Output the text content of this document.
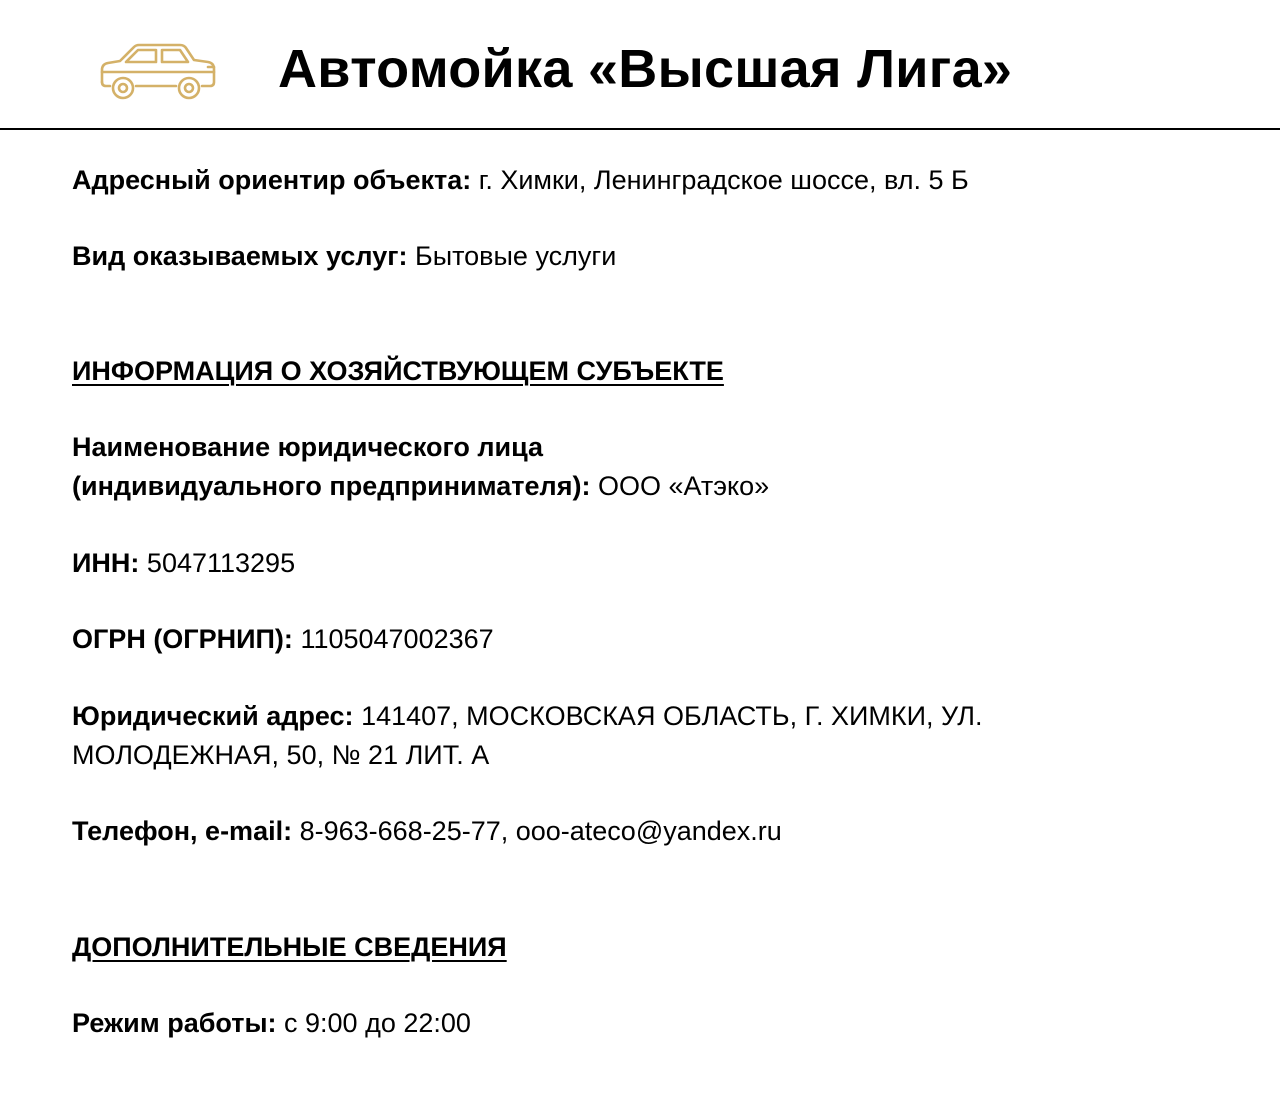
Автомойка «Высшая Лига»
Адресный ориентир объекта: г. Химки, Ленинградское шоссе, вл. 5 Б
Вид оказываемых услуг: Бытовые услуги
ИНФОРМАЦИЯ О ХОЗЯЙСТВУЮЩЕМ СУБЪЕКТЕ
Наименование юридического лица
(индивидуального предпринимателя): ООО «Атэко»
ИНН: 5047113295
ОГРН (ОГРНИП): 1105047002367
Юридический адрес: 141407, МОСКОВСКАЯ ОБЛАСТЬ, Г. ХИМКИ, УЛ.
МОЛОДЕЖНАЯ, 50, № 21 ЛИТ. А
Телефон, e-mail: 8-963-668-25-77, ooo-ateco@yandex.ru
ДОПОЛНИТЕЛЬНЫЕ СВЕДЕНИЯ
Режим работы: с 9:00 до 22:00
